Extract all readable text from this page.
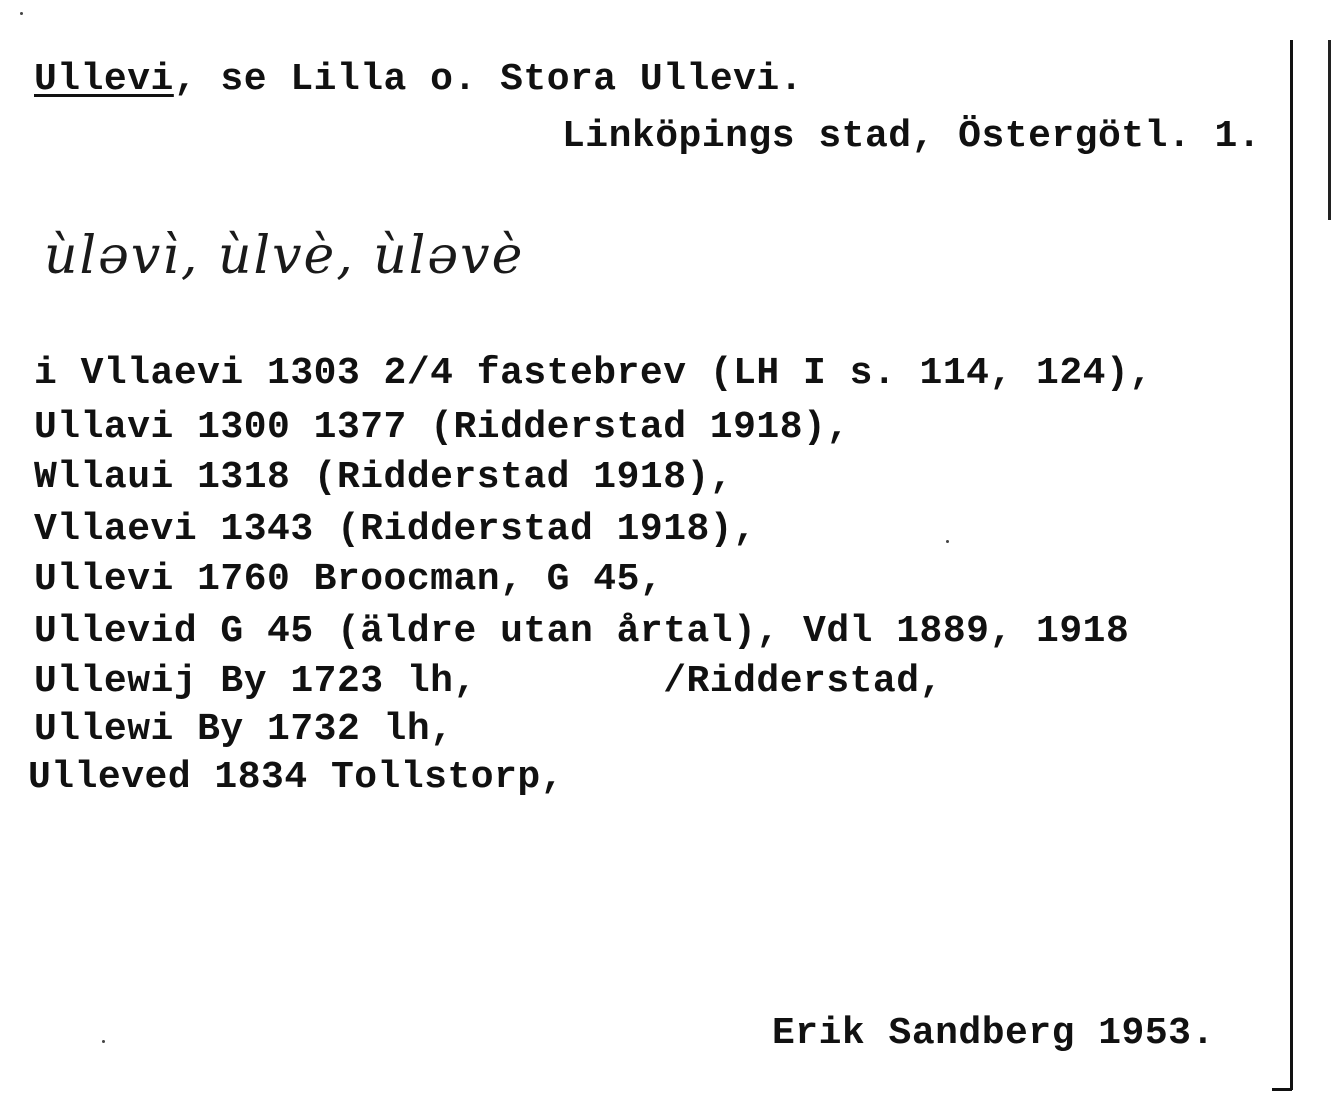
Ullevi, se Lilla o. Stora Ullevi.
Linköpings stad, Östergötl. 1.
ùləvì, ùlvè, ùləvè
i Vllaevi 1303 2/4 fastebrev (LH I s. 114, 124),
Ullavi 1300 1377 (Ridderstad 1918),
Wllaui 1318 (Ridderstad 1918),
Vllaevi 1343 (Ridderstad 1918),
Ullevi 1760 Broocman, G 45,
Ullevid G 45 (äldre utan årtal), Vdl 1889, 1918
Ullewij By 1723 lh,        /Ridderstad,
Ullewi By 1732 lh,
Ulleved 1834 Tollstorp,
Erik Sandberg 1953.
